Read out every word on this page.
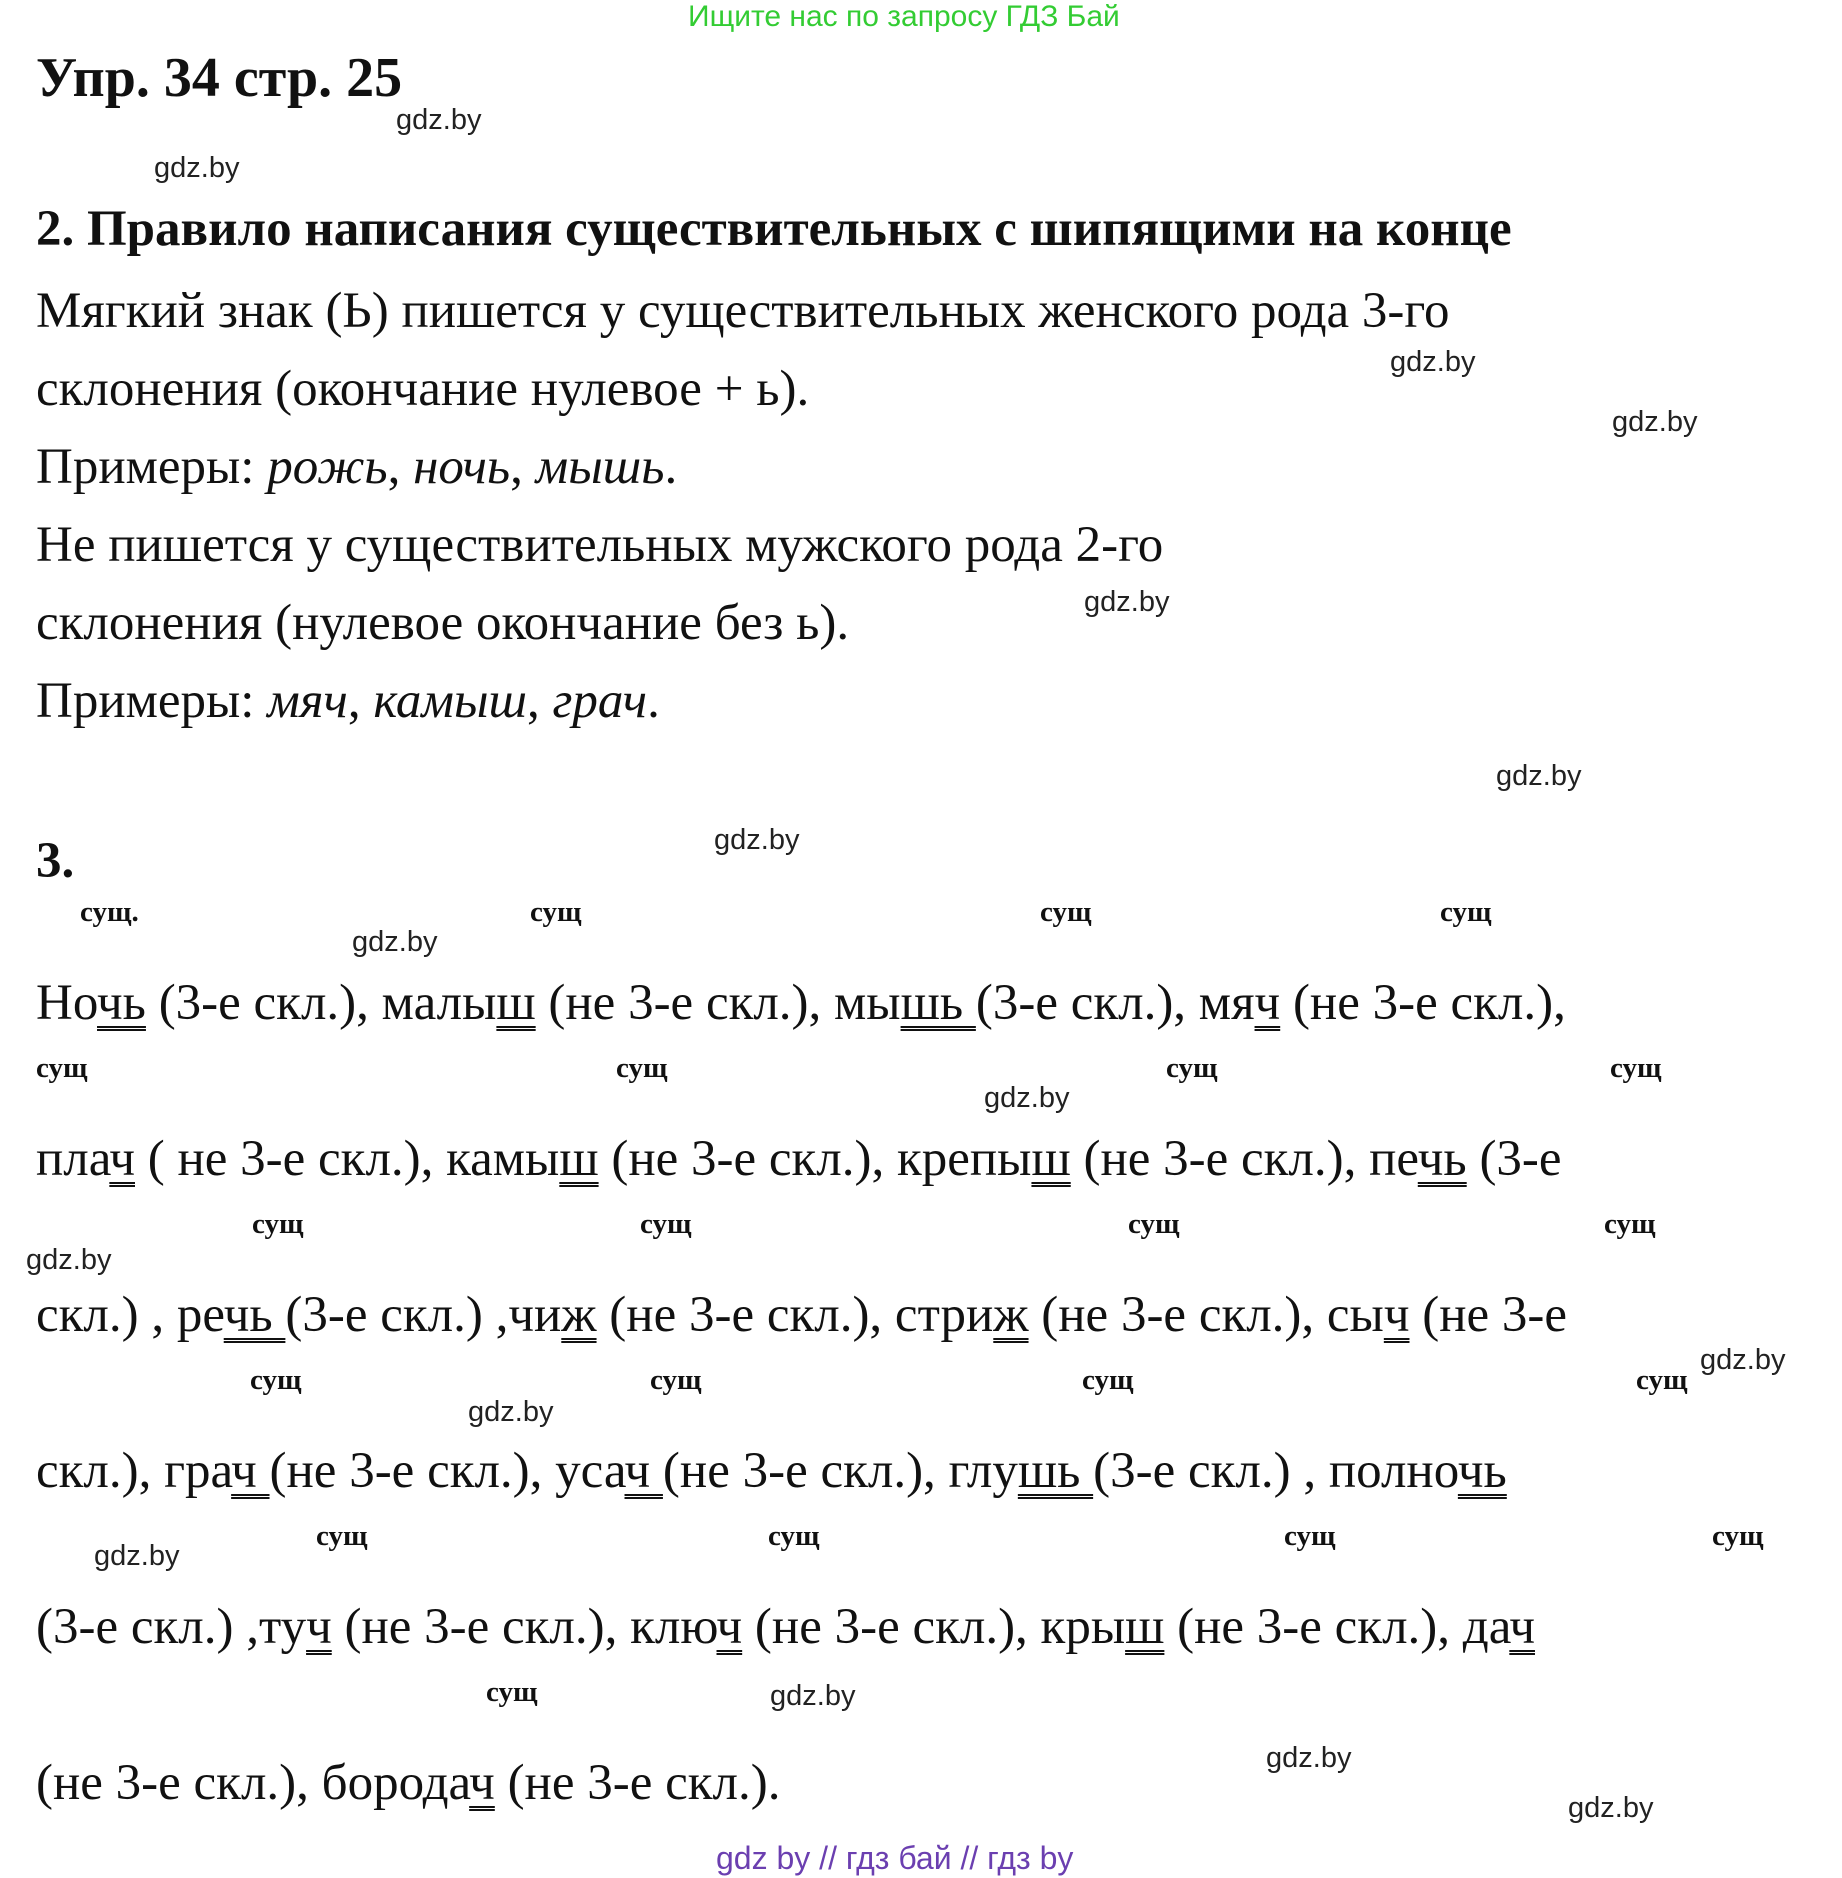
Ищите нас по запросу ГДЗ Бай
Упр. 34 стр. 25
2. Правило написания существительных с шипящими на конце
Мягкий знак (Ь) пишется у существительных женского рода 3-го
склонения (окончание нулевое + ь).
Примеры: рожь, ночь, мышь.
Не пишется у существительных мужского рода 2-го
склонения (нулевое окончание без ь).
Примеры: мяч, камыш, грач.
3.
сущ.	сущ	сущ	сущ
сущ	сущ	сущ	сущ
сущ	сущ	сущ	сущ
сущ	сущ	сущ	сущ
сущ	сущ	сущ	сущ
сущ
Ночь (3-е скл.), малыш (не 3-е скл.), мышь (3-е скл.), мяч (не 3-е скл.),
плач ( не 3-е скл.), камыш (не 3-е скл.), крепыш (не 3-е скл.), печь (3-е
скл.) , речь (3-е скл.) ,чиж (не 3-е скл.), стриж (не 3-е скл.), сыч (не 3-е
скл.), грач (не 3-е скл.), усач (не 3-е скл.), глушь (3-е скл.) , полночь
(3-е скл.) ,туч (не 3-е скл.), ключ (не 3-е скл.), крыш (не 3-е скл.), дач
(не 3-е скл.), бородач (не 3-е скл.).
gdz.by
gdz.by
gdz.by
gdz.by
gdz.by
gdz.by
gdz.by
gdz.by
gdz.by
gdz.by
gdz.by
gdz.by
gdz.by
gdz.by
gdz.by
gdz.by
gdz by // гдз бай // гдз by
